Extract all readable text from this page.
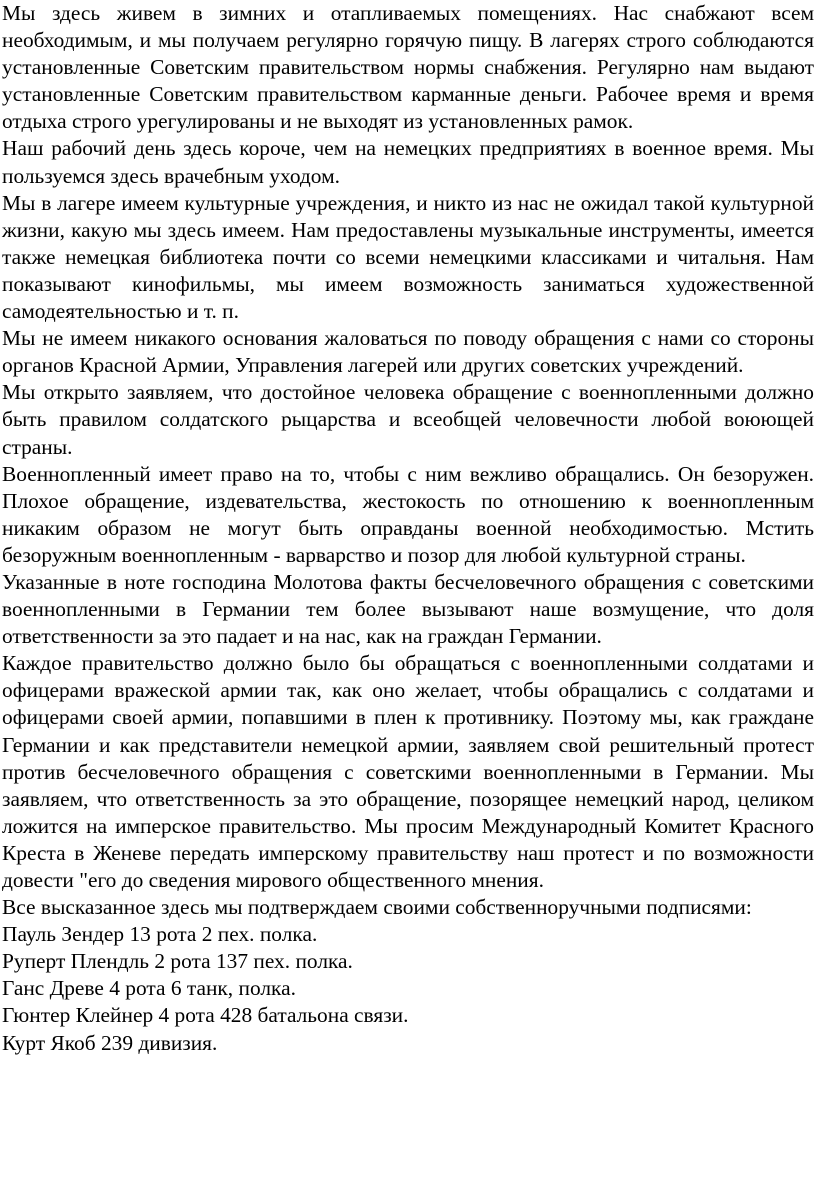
Мы здесь живем в зимних и отапливаемых помещениях. Нас снабжают всем необходимым, и мы получаем регулярно горячую пищу. В лагерях строго соблюдаются установленные Советским правительством нормы снабжения. Регулярно нам выдают установленные Советским правительством карманные деньги. Рабочее время и время отдыха строго урегулированы и не выходят из установленных рамок.

Наш рабочий день здесь короче, чем на немецких предприятиях в военное время. Мы пользуемся здесь врачебным уходом.

Мы в лагере имеем культурные учреждения, и никто из нас не ожидал такой культурной жизни, какую мы здесь имеем. Нам предоставлены музыкальные инструменты, имеется также немецкая библиотека почти со всеми немецкими классиками и читальня. Нам показывают кинофильмы, мы имеем возможность заниматься художественной самодеятельностью и т. п.

Мы не имеем никакого основания жаловаться по поводу обращения с нами со стороны органов Красной Армии, Управления лагерей или других советских учреждений.

Мы открыто заявляем, что достойное человека обращение с военнопленными должно быть правилом солдатского рыцарства и всеобщей человечности любой воюющей страны.

Военнопленный имеет право на то, чтобы с ним вежливо обращались. Он безоружен. Плохое обращение, издевательства, жестокость по отношению к военнопленным никаким образом не могут быть оправданы военной необходимостью. Мстить безоружным военнопленным - варварство и позор для любой культурной страны.

Указанные в ноте господина Молотова факты бесчеловечного обращения с советскими военнопленными в Германии тем более вызывают наше возмущение, что доля ответственности за это падает и на нас, как на граждан Германии.

Каждое правительство должно было бы обращаться с военнопленными солдатами и офицерами вражеской армии так, как оно желает, чтобы обращались с солдатами и офицерами своей армии, попавшими в плен к противнику. Поэтому мы, как граждане Германии и как представители немецкой армии, заявляем свой решительный протест против бесчеловечного обращения с советскими военнопленными в Германии. Мы заявляем, что ответственность за это обращение, позорящее немецкий народ, целиком ложится на имперское правительство. Мы просим Международный Комитет Красного Креста в Женеве передать имперскому правительству наш протест и по возможности довести "его до сведения мирового общественного мнения.

Все высказанное здесь мы подтверждаем своими собственноручными подписями:

Пауль Зендер 13 рота 2 пех. полка.

Руперт Плендль 2 рота 137 пех. полка.

Ганс Древе 4 рота 6 танк, полка.

Гюнтер Клейнер 4 рота 428 батальона связи.

Курт Якоб 239 дивизия.
